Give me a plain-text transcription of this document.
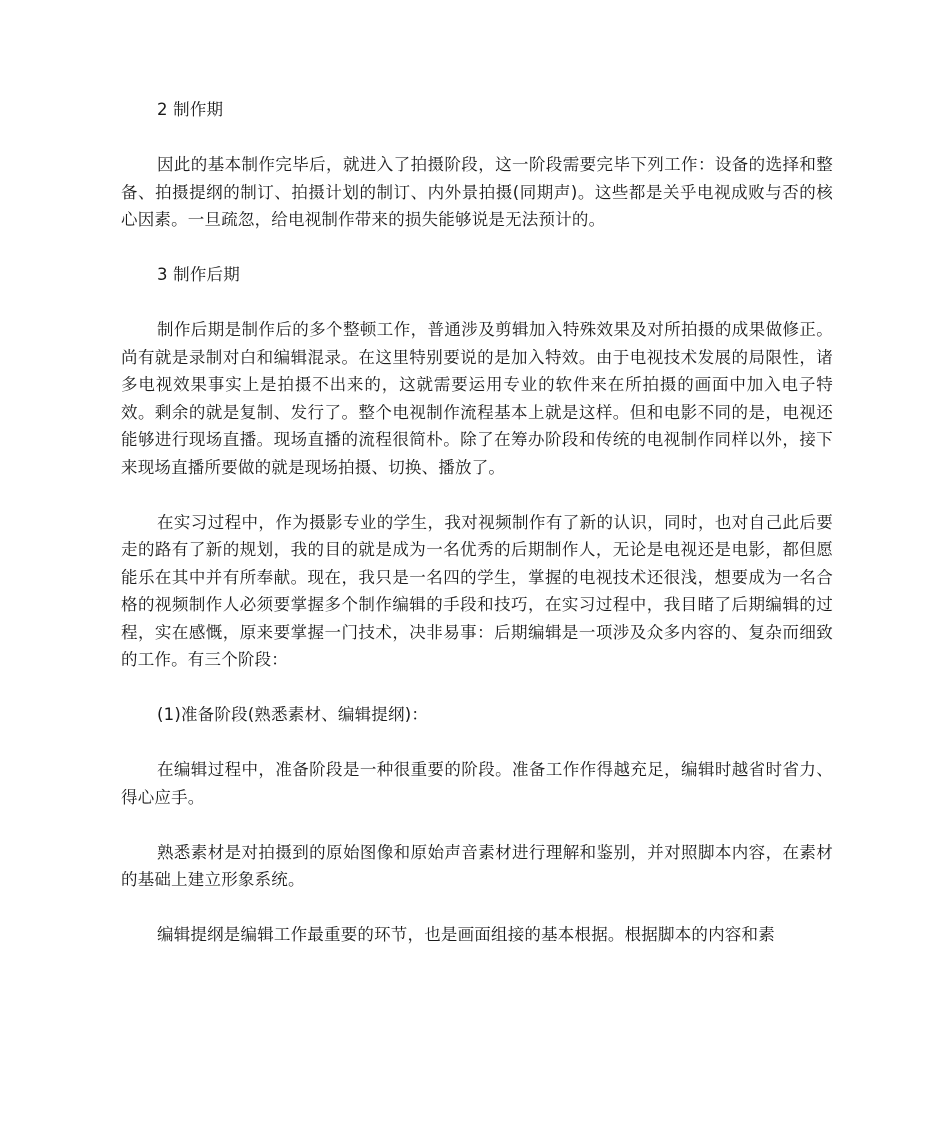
2 制作期

因此的基本制作完毕后，就进入了拍摄阶段，这一阶段需要完毕下列工作：设备的选择和整备、拍摄提纲的制订、拍摄计划的制订、内外景拍摄(同期声)。这些都是关乎电视成败与否的核心因素。一旦疏忽，给电视制作带来的损失能够说是无法预计的。

3 制作后期

制作后期是制作后的多个整顿工作，普通涉及剪辑加入特殊效果及对所拍摄的成果做修正。尚有就是录制对白和编辑混录。在这里特别要说的是加入特效。由于电视技术发展的局限性，诸多电视效果事实上是拍摄不出来的，这就需要运用专业的软件来在所拍摄的画面中加入电子特效。剩余的就是复制、发行了。整个电视制作流程基本上就是这样。但和电影不同的是，电视还能够进行现场直播。现场直播的流程很简朴。除了在筹办阶段和传统的电视制作同样以外，接下来现场直播所要做的就是现场拍摄、切换、播放了。

在实习过程中，作为摄影专业的学生，我对视频制作有了新的认识，同时，也对自己此后要走的路有了新的规划，我的目的就是成为一名优秀的后期制作人，无论是电视还是电影，都但愿能乐在其中并有所奉献。现在，我只是一名四的学生，掌握的电视技术还很浅，想要成为一名合格的视频制作人必须要掌握多个制作编辑的手段和技巧，在实习过程中，我目睹了后期编辑的过程，实在感慨，原来要掌握一门技术，决非易事：后期编辑是一项涉及众多内容的、复杂而细致的工作。有三个阶段：

(1)准备阶段(熟悉素材、编辑提纲)：

在编辑过程中，准备阶段是一种很重要的阶段。准备工作作得越充足，编辑时越省时省力、得心应手。

熟悉素材是对拍摄到的原始图像和原始声音素材进行理解和鉴别，并对照脚本内容，在素材的基础上建立形象系统。

编辑提纲是编辑工作最重要的环节，也是画面组接的基本根据。根据脚本的内容和素
